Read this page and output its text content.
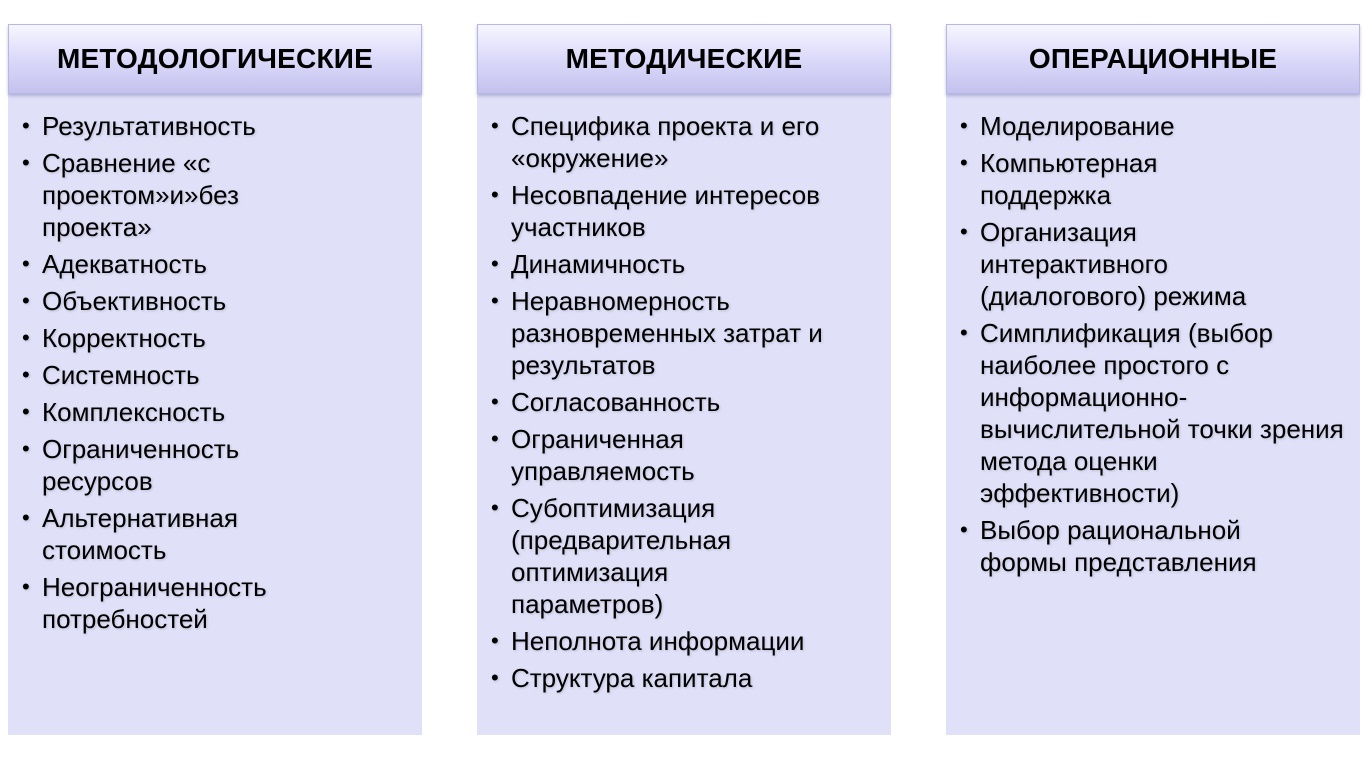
МЕТОДОЛОГИЧЕСКИЕ
• Результативность
• Сравнение «с проектом»и»без проекта»
• Адекватность
• Объективность
• Корректность
• Системность
• Комплексность
• Ограниченность ресурсов
• Альтернативная стоимость
• Неограниченность потребностей
МЕТОДИЧЕСКИЕ
• Специфика проекта и его «окружение»
• Несовпадение интересов участников
• Динамичность
• Неравномерность разновременных затрат и результатов
• Согласованность
• Ограниченная управляемость
• Субоптимизация (предварительная оптимизация параметров)
• Неполнота информации
• Структура капитала
ОПЕРАЦИОННЫЕ
• Моделирование
• Компьютерная поддержка
• Организация интерактивного (диалогового) режима
• Симплификация (выбор наиболее простого с информационно-вычислительной точки зрения метода оценки эффективности)
• Выбор рациональной формы представления
